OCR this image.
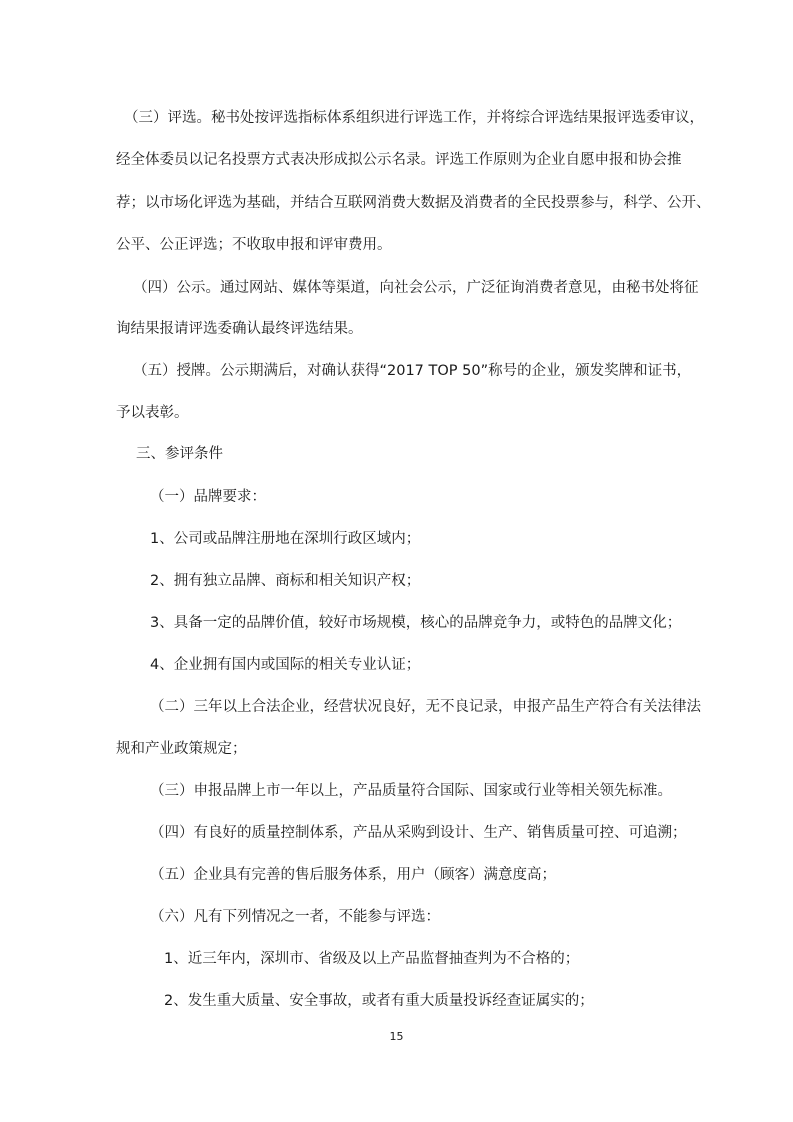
（三）评选。秘书处按评选指标体系组织进行评选工作，并将综合评选结果报评选委审议，
经全体委员以记名投票方式表决形成拟公示名录。评选工作原则为企业自愿申报和协会推
荐；以市场化评选为基础，并结合互联网消费大数据及消费者的全民投票参与，科学、公开、
公平、公正评选；不收取申报和评审费用。
（四）公示。通过网站、媒体等渠道，向社会公示，广泛征询消费者意见，由秘书处将征
询结果报请评选委确认最终评选结果。
（五）授牌。公示期满后，对确认获得“2017 TOP 50”称号的企业，颁发奖牌和证书，
予以表彰。
三、参评条件
（一）品牌要求：
1、公司或品牌注册地在深圳行政区域内；
2、拥有独立品牌、商标和相关知识产权；
3、具备一定的品牌价值，较好市场规模，核心的品牌竞争力，或特色的品牌文化；
4、企业拥有国内或国际的相关专业认证；
（二）三年以上合法企业，经营状况良好，无不良记录，申报产品生产符合有关法律法
规和产业政策规定；
（三）申报品牌上市一年以上，产品质量符合国际、国家或行业等相关领先标准。
（四）有良好的质量控制体系，产品从采购到设计、生产、销售质量可控、可追溯；
（五）企业具有完善的售后服务体系，用户（顾客）满意度高；
（六）凡有下列情况之一者，不能参与评选：
1、近三年内，深圳市、省级及以上产品监督抽查判为不合格的；
2、发生重大质量、安全事故，或者有重大质量投诉经查证属实的；
15
